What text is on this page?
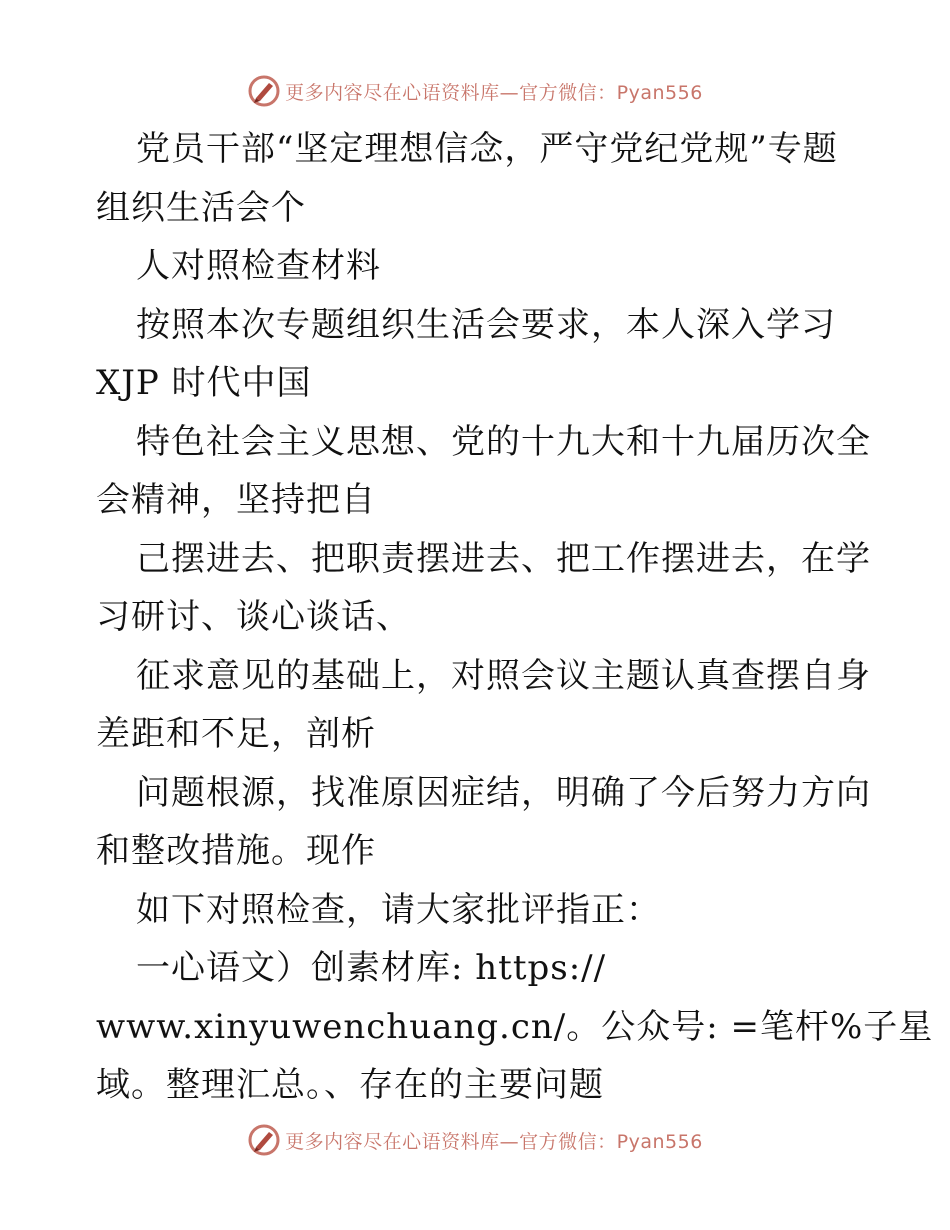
更多内容尽在心语资料库—官方微信：Pyan556
党员干部“坚定理想信念，严守党纪党规”专题
组织生活会个
人对照检查材料
按照本次专题组织生活会要求，本人深入学习
XJP 时代中国
特色社会主义思想、党的十九大和十九届历次全
会精神，坚持把自
己摆进去、把职责摆进去、把工作摆进去，在学
习研讨、谈心谈话、
征求意见的基础上，对照会议主题认真查摆自身
差距和不足，剖析
问题根源，找准原因症结，明确了今后努力方向
和整改措施。现作
如下对照检查，请大家批评指正：
一心语文）创素材库: https://
www.xinyuwenchuang.cn/。公众号: =笔杆%子星
域。整理汇总。、存在的主要问题
更多内容尽在心语资料库—官方微信：Pyan556
